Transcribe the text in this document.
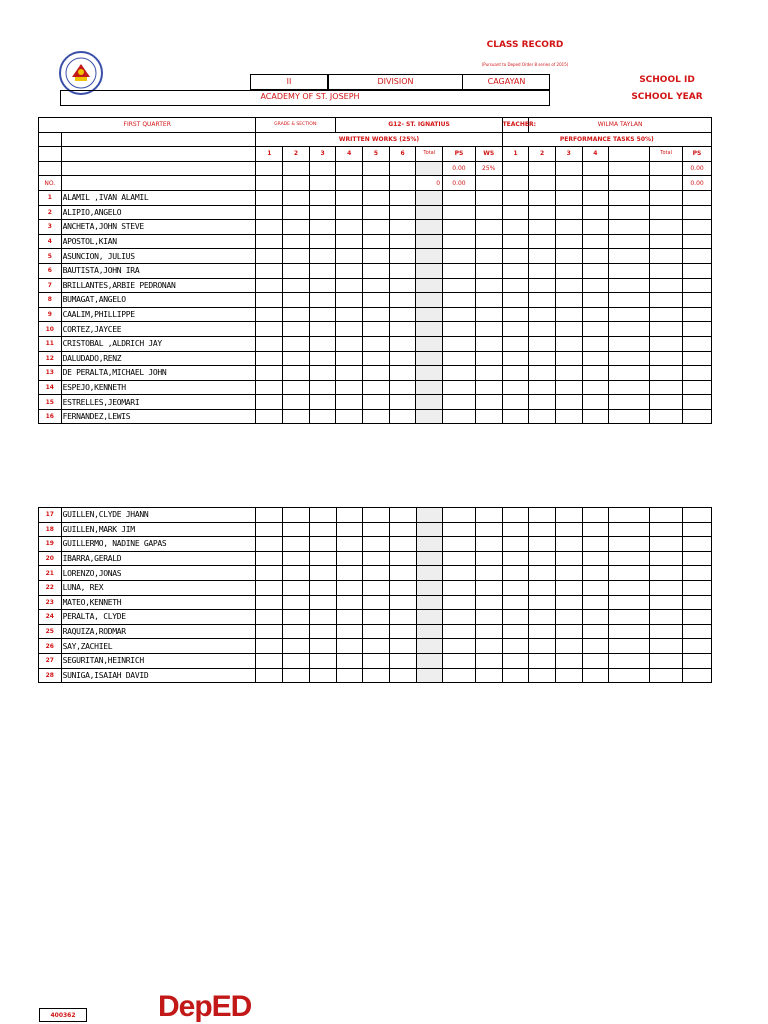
CLASS RECORD
(Pursuant to Deped Order 8 series of 2015)
II	DIVISION	CAGAYAN
ACADEMY OF ST. JOSEPH
SCHOOL ID
SCHOOL YEAR
FIRST QUARTER		GRADE & SECTION:			G12- ST. IGNATIUS						TEACHER:	WILMA TAYLAN					
		WRITTEN WORKS (25%)									PERFORMANCE TASKS 50%)						
		1	2	3	4	5	6	Total	PS	WS	1	2	3	4		Total	PS
									0.00	25%							0.00
NO.								0	0.00								0.00
1	ALAMIL ,IVAN ALAMIL																
2	ALIPIO,ANGELO																
3	ANCHETA,JOHN STEVE																
4	APOSTOL,KIAN																
5	ASUNCION, JULIUS																
6	BAUTISTA,JOHN IRA																
7	BRILLANTES,ARBIE PEDRONAN																
8	BUMAGAT,ANGELO																
9	CAALIM,PHILLIPPE																
10	CORTEZ,JAYCEE																
11	CRISTOBAL ,ALDRICH JAY																
12	DALUDADO,RENZ																
13	DE PERALTA,MICHAEL JOHN																
14	ESPEJO,KENNETH																
15	ESTRELLES,JEOMARI																
16	FERNANDEZ,LEWIS																
17	GUILLEN,CLYDE JHANN																
18	GUILLEN,MARK JIM																
19	GUILLERMO, NADINE GAPAS																
20	IBARRA,GERALD																
21	LORENZO,JONAS																
22	LUNA, REX																
23	MATEO,KENNETH																
24	PERALTA, CLYDE																
25	RAQUIZA,RODMAR																
26	SAY,ZACHIEL																
27	SEGURITAN,HEINRICH																
28	SUNIGA,ISAIAH DAVID																
400362	DepED
